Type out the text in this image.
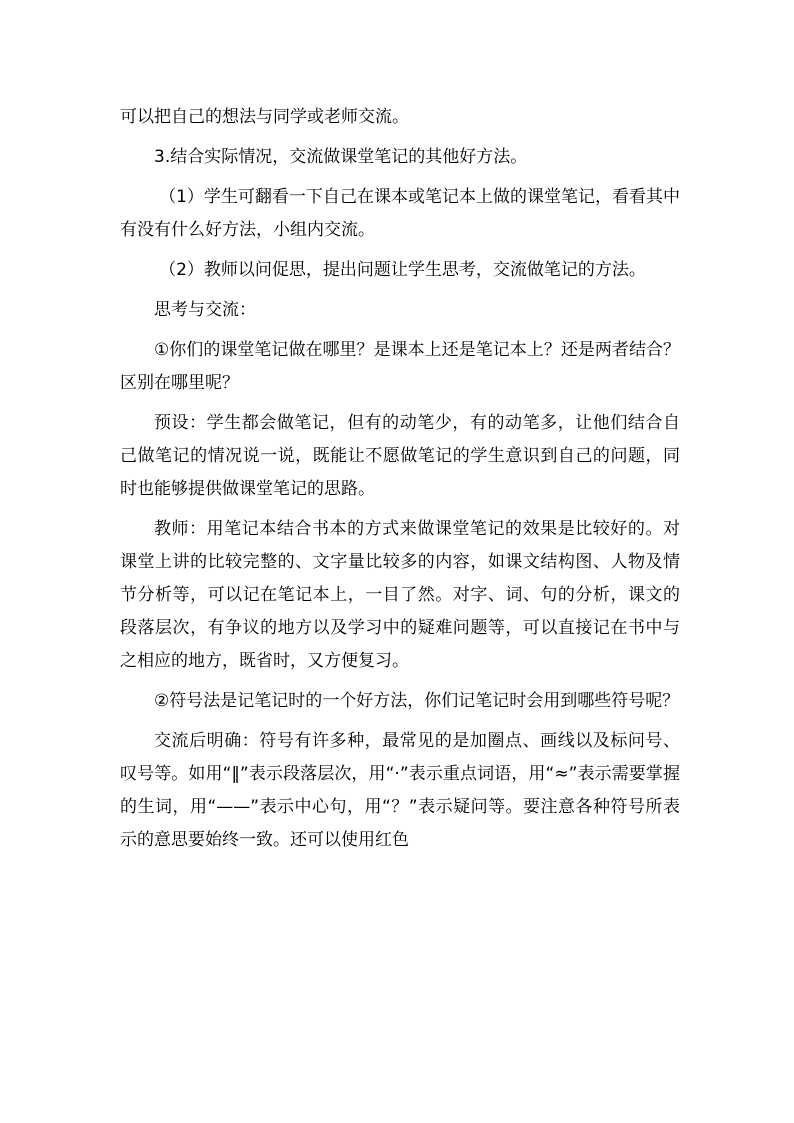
可以把自己的想法与同学或老师交流。

3.结合实际情况，交流做课堂笔记的其他好方法。

（1）学生可翻看一下自己在课本或笔记本上做的课堂笔记，看看其中有没有什么好方法，小组内交流。

（2）教师以问促思，提出问题让学生思考，交流做笔记的方法。

思考与交流：

①你们的课堂笔记做在哪里？是课本上还是笔记本上？还是两者结合？区别在哪里呢？

预设：学生都会做笔记，但有的动笔少，有的动笔多，让他们结合自己做笔记的情况说一说，既能让不愿做笔记的学生意识到自己的问题，同时也能够提供做课堂笔记的思路。

教师：用笔记本结合书本的方式来做课堂笔记的效果是比较好的。对课堂上讲的比较完整的、文字量比较多的内容，如课文结构图、人物及情节分析等，可以记在笔记本上，一目了然。对字、词、句的分析，课文的段落层次，有争议的地方以及学习中的疑难问题等，可以直接记在书中与之相应的地方，既省时，又方便复习。

②符号法是记笔记时的一个好方法，你们记笔记时会用到哪些符号呢？

交流后明确：符号有许多种，最常见的是加圈点、画线以及标问号、叹号等。如用“‖”表示段落层次，用“·”表示重点词语，用“≈”表示需要掌握的生词，用“——”表示中心句，用“？”表示疑问等。要注意各种符号所表示的意思要始终一致。还可以使用红色
